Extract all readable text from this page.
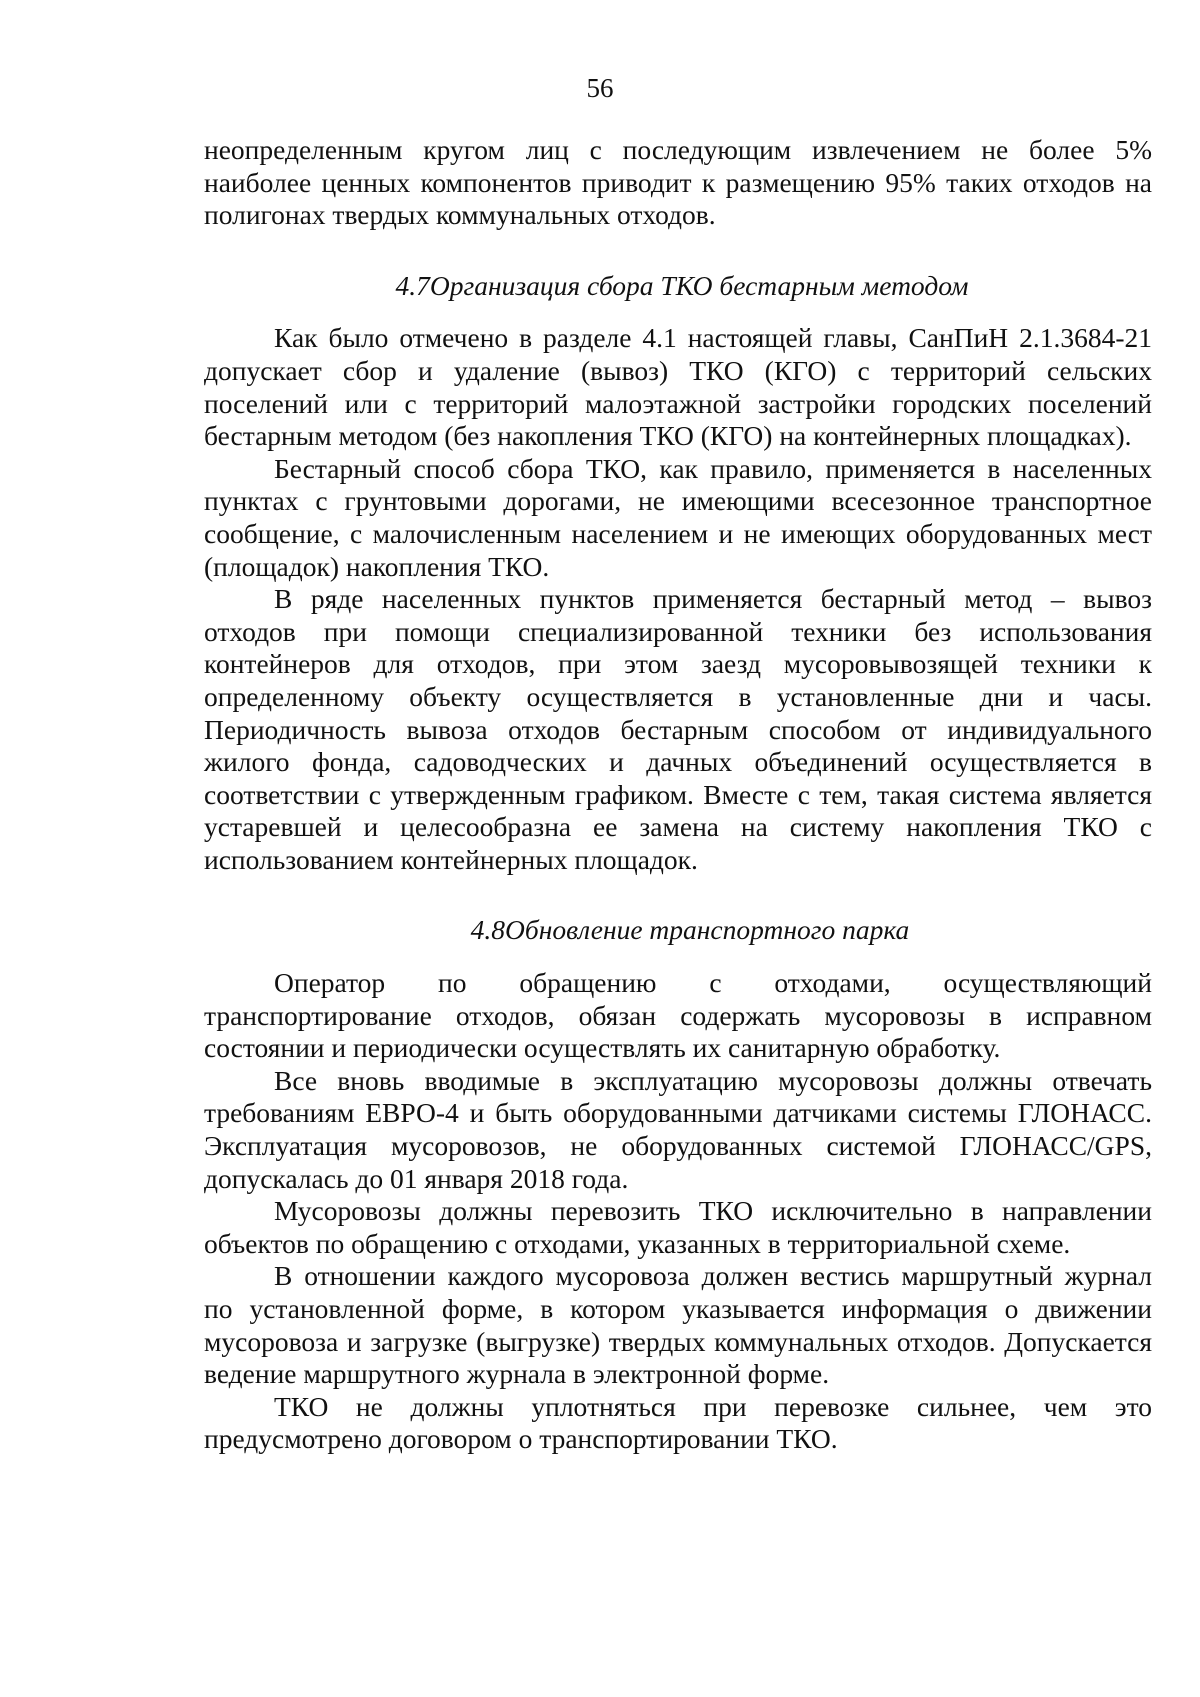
56

неопределенным кругом лиц с последующим извлечением не более 5% наиболее ценных компонентов приводит к размещению 95% таких отходов на полигонах твердых коммунальных отходов.

4.7Организация сбора ТКО бестарным методом

Как было отмечено в разделе 4.1 настоящей главы, СанПиН 2.1.3684-21 допускает сбор и удаление (вывоз) ТКО (КГО) с территорий сельских поселений или с территорий малоэтажной застройки городских поселений бестарным методом (без накопления ТКО (КГО) на контейнерных площадках).

Бестарный способ сбора ТКО, как правило, применяется в населенных пунктах с грунтовыми дорогами, не имеющими всесезонное транспортное сообщение, с малочисленным населением и не имеющих оборудованных мест (площадок) накопления ТКО.

В ряде населенных пунктов применяется бестарный метод – вывоз отходов при помощи специализированной техники без использования контейнеров для отходов, при этом заезд мусоровывозящей техники к определенному объекту осуществляется в установленные дни и часы. Периодичность вывоза отходов бестарным способом от индивидуального жилого фонда, садоводческих и дачных объединений осуществляется в соответствии с утвержденным графиком. Вместе с тем, такая система является устаревшей и целесообразна ее замена на систему накопления ТКО с использованием контейнерных площадок.

4.8Обновление транспортного парка

Оператор по обращению с отходами, осуществляющий транспортирование отходов, обязан содержать мусоровозы в исправном состоянии и периодически осуществлять их санитарную обработку.

Все вновь вводимые в эксплуатацию мусоровозы должны отвечать требованиям ЕВРО-4 и быть оборудованными датчиками системы ГЛОНАСС. Эксплуатация мусоровозов, не оборудованных системой ГЛОНАСС/GPS, допускалась до 01 января 2018 года.

Мусоровозы должны перевозить ТКО исключительно в направлении объектов по обращению с отходами, указанных в территориальной схеме.

В отношении каждого мусоровоза должен вестись маршрутный журнал по установленной форме, в котором указывается информация о движении мусоровоза и загрузке (выгрузке) твердых коммунальных отходов. Допускается ведение маршрутного журнала в электронной форме.

ТКО не должны уплотняться при перевозке сильнее, чем это предусмотрено договором о транспортировании ТКО.
